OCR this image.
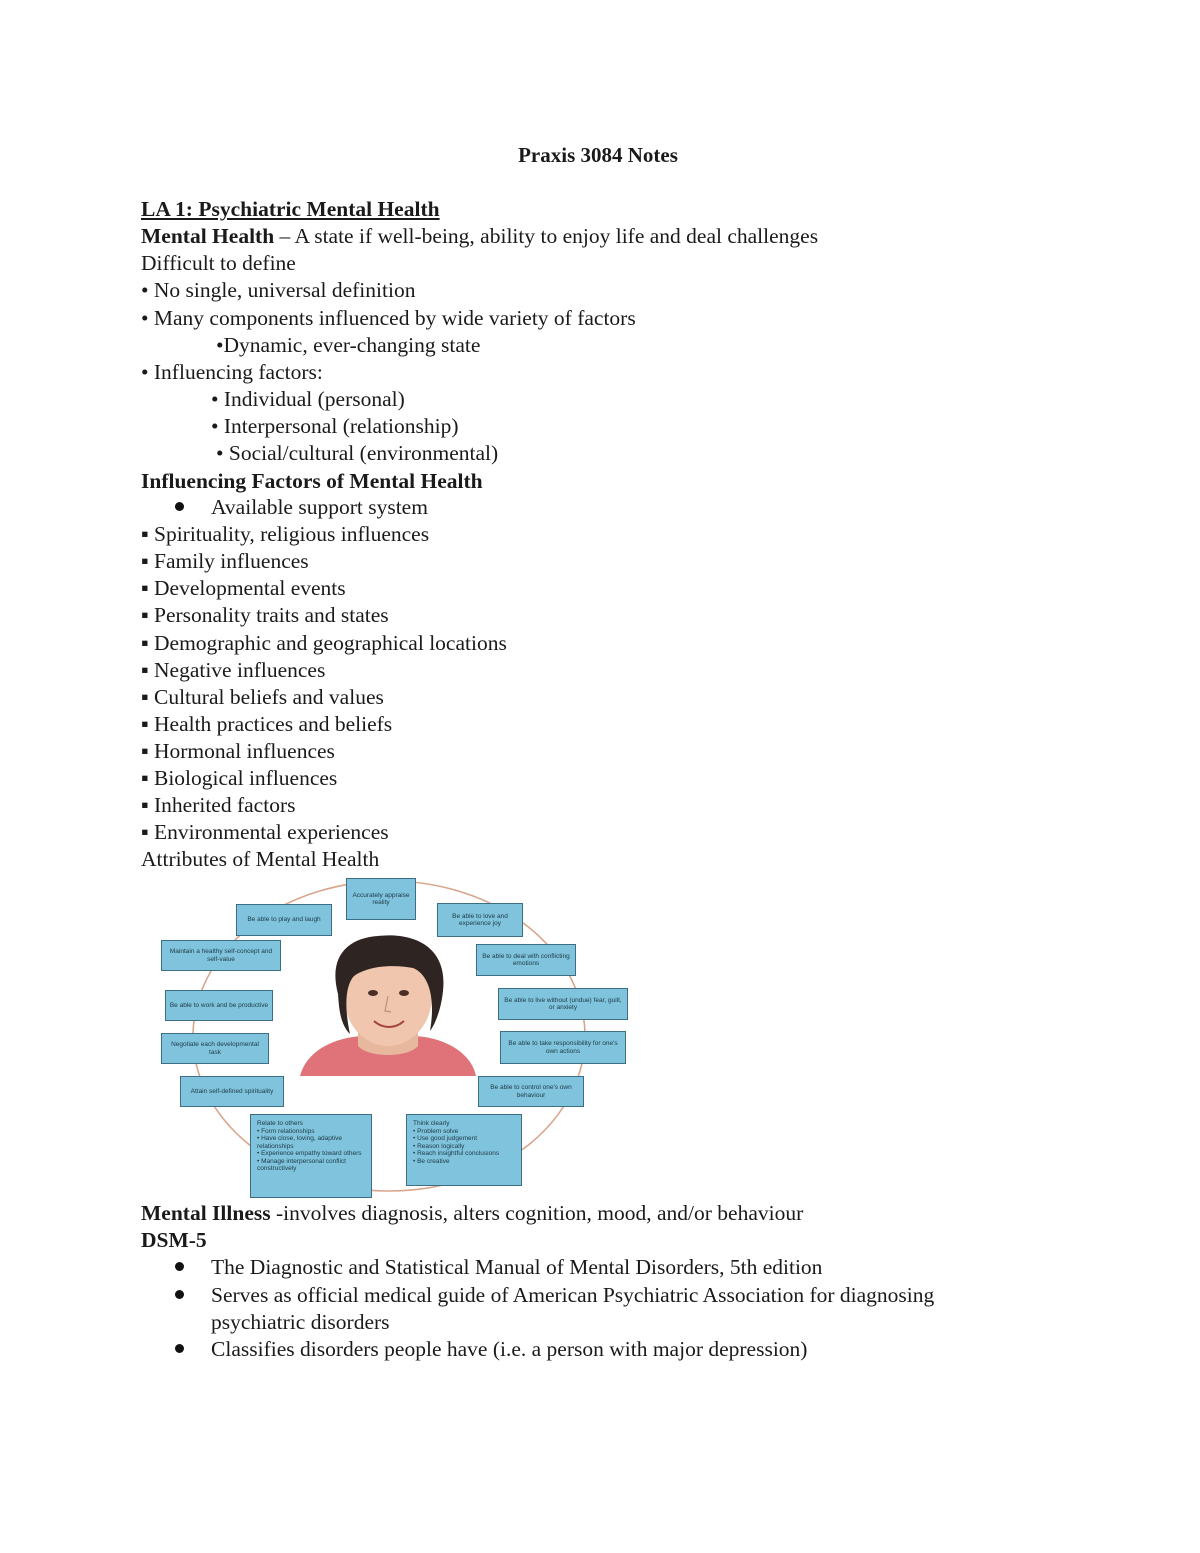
Praxis 3084 Notes
LA 1: Psychiatric Mental Health
Mental Health – A state if well-being, ability to enjoy life and deal challenges
Difficult to define
• No single, universal definition
• Many components influenced by wide variety of factors
•Dynamic, ever-changing state
• Influencing factors:
• Individual (personal)
• Interpersonal (relationship)
• Social/cultural (environmental)
Influencing Factors of Mental Health
Available support system
▪ Spirituality, religious influences
▪ Family influences
▪ Developmental events
▪ Personality traits and states
▪ Demographic and geographical locations
▪ Negative influences
▪ Cultural beliefs and values
▪ Health practices and beliefs
▪ Hormonal influences
▪ Biological influences
▪ Inherited factors
▪ Environmental experiences
Attributes of Mental Health
Accurately appraise reality
Be able to play and laugh
Be able to love and experience joy
Maintain a healthy self-concept and self-value	Be able to deal with conflicting emotions
Be able to work and be productive
Be able to live without (undue) fear, guilt, or anxiety
Negotiate each developmental task
Be able to take responsibility for one's own actions
Attain self-defined spirituality
Be able to control one's own behaviour
Relate to others
• Form relationships
• Have close, loving, adaptive relationships
• Experience empathy toward others
• Manage interpersonal conflict constructively
Think clearly
• Problem solve
• Use good judgement
• Reason logically
• Reach insightful conclusions
• Be creative
Mental Illness -involves diagnosis, alters cognition, mood, and/or behaviour
DSM-5
The Diagnostic and Statistical Manual of Mental Disorders, 5th edition
Serves as official medical guide of American Psychiatric Association for diagnosing
psychiatric disorders
Classifies disorders people have (i.e. a person with major depression)
